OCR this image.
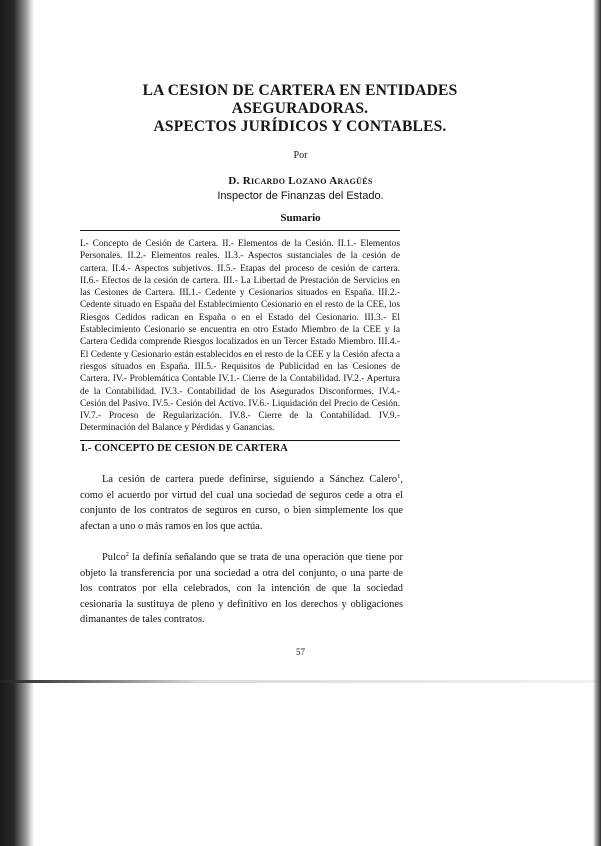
LA CESION DE CARTERA EN ENTIDADES
ASEGURADORAS.
ASPECTOS JURÍDICOS Y CONTABLES.
Por
D. Ricardo Lozano Aragüés
Inspector de Finanzas del Estado.
Sumario
I.- Concepto de Cesión de Cartera. II.- Elementos de la Cesión. II.1.- Elementos Personales. II.2.- Elementos reales. II.3.- Aspectos sustanciales de la cesión de cartera. II.4.- Aspectos subjetivos. II.5.- Etapas del proceso de cesión de cartera. II.6.- Efectos de la cesión de cartera. III.- La Libertad de Prestación de Servicios en las Cesiones de Cartera. III.1.- Cedente y Cesionarios situados en España. III.2.- Cedente situado en España del Establecimiento Cesionario en el resto de la CEE, los Riesgos Cedidos radican en España o en el Estado del Cesionario. III.3.- El Establecimiento Cesionario se encuentra en otro Estado Miembro de la CEE y la Cartera Cedida comprende Riesgos localizados en un Tercer Estado Miembro. III.4.- El Cedente y Cesionario están establecidos en el resto de la CEE y la Cesión afecta a riesgos situados en España. III.5.- Requisitos de Publicidad en las Cesiones de Cartera. IV.- Problemática Contable IV.1.- Cierre de la Contabilidad. IV.2.- Apertura de la Contabilidad. IV.3.- Contabilidad de los Asegurados Disconformes. IV.4.- Cesión del Pasivo. IV.5.- Cesión del Activo. IV.6.- Liquidación del Precio de Cesión. IV.7.- Proceso de Regularización. IV.8.- Cierre de la Contabilidad. IV.9.- Determinación del Balance y Pérdidas y Ganancias.
I.- CONCEPTO DE CESION DE CARTERA
La cesión de cartera puede definirse, siguiendo a Sánchez Calero$^1$, como el acuerdo por virtud del cual una sociedad de seguros cede a otra el conjunto de los contratos de seguros en curso, o bien simplemente los que afectan a uno o más ramos en los que actúa.
Pulco$^2$ la definía señalando que se trata de una operación que tiene por objeto la transferencia por una sociedad a otra del conjunto, o una parte de los contratos por ella celebrados, con la intención de que la sociedad cesionaria la sustituya de pleno y definitivo en los derechos y obligaciones dimanantes de tales contratos.
57
